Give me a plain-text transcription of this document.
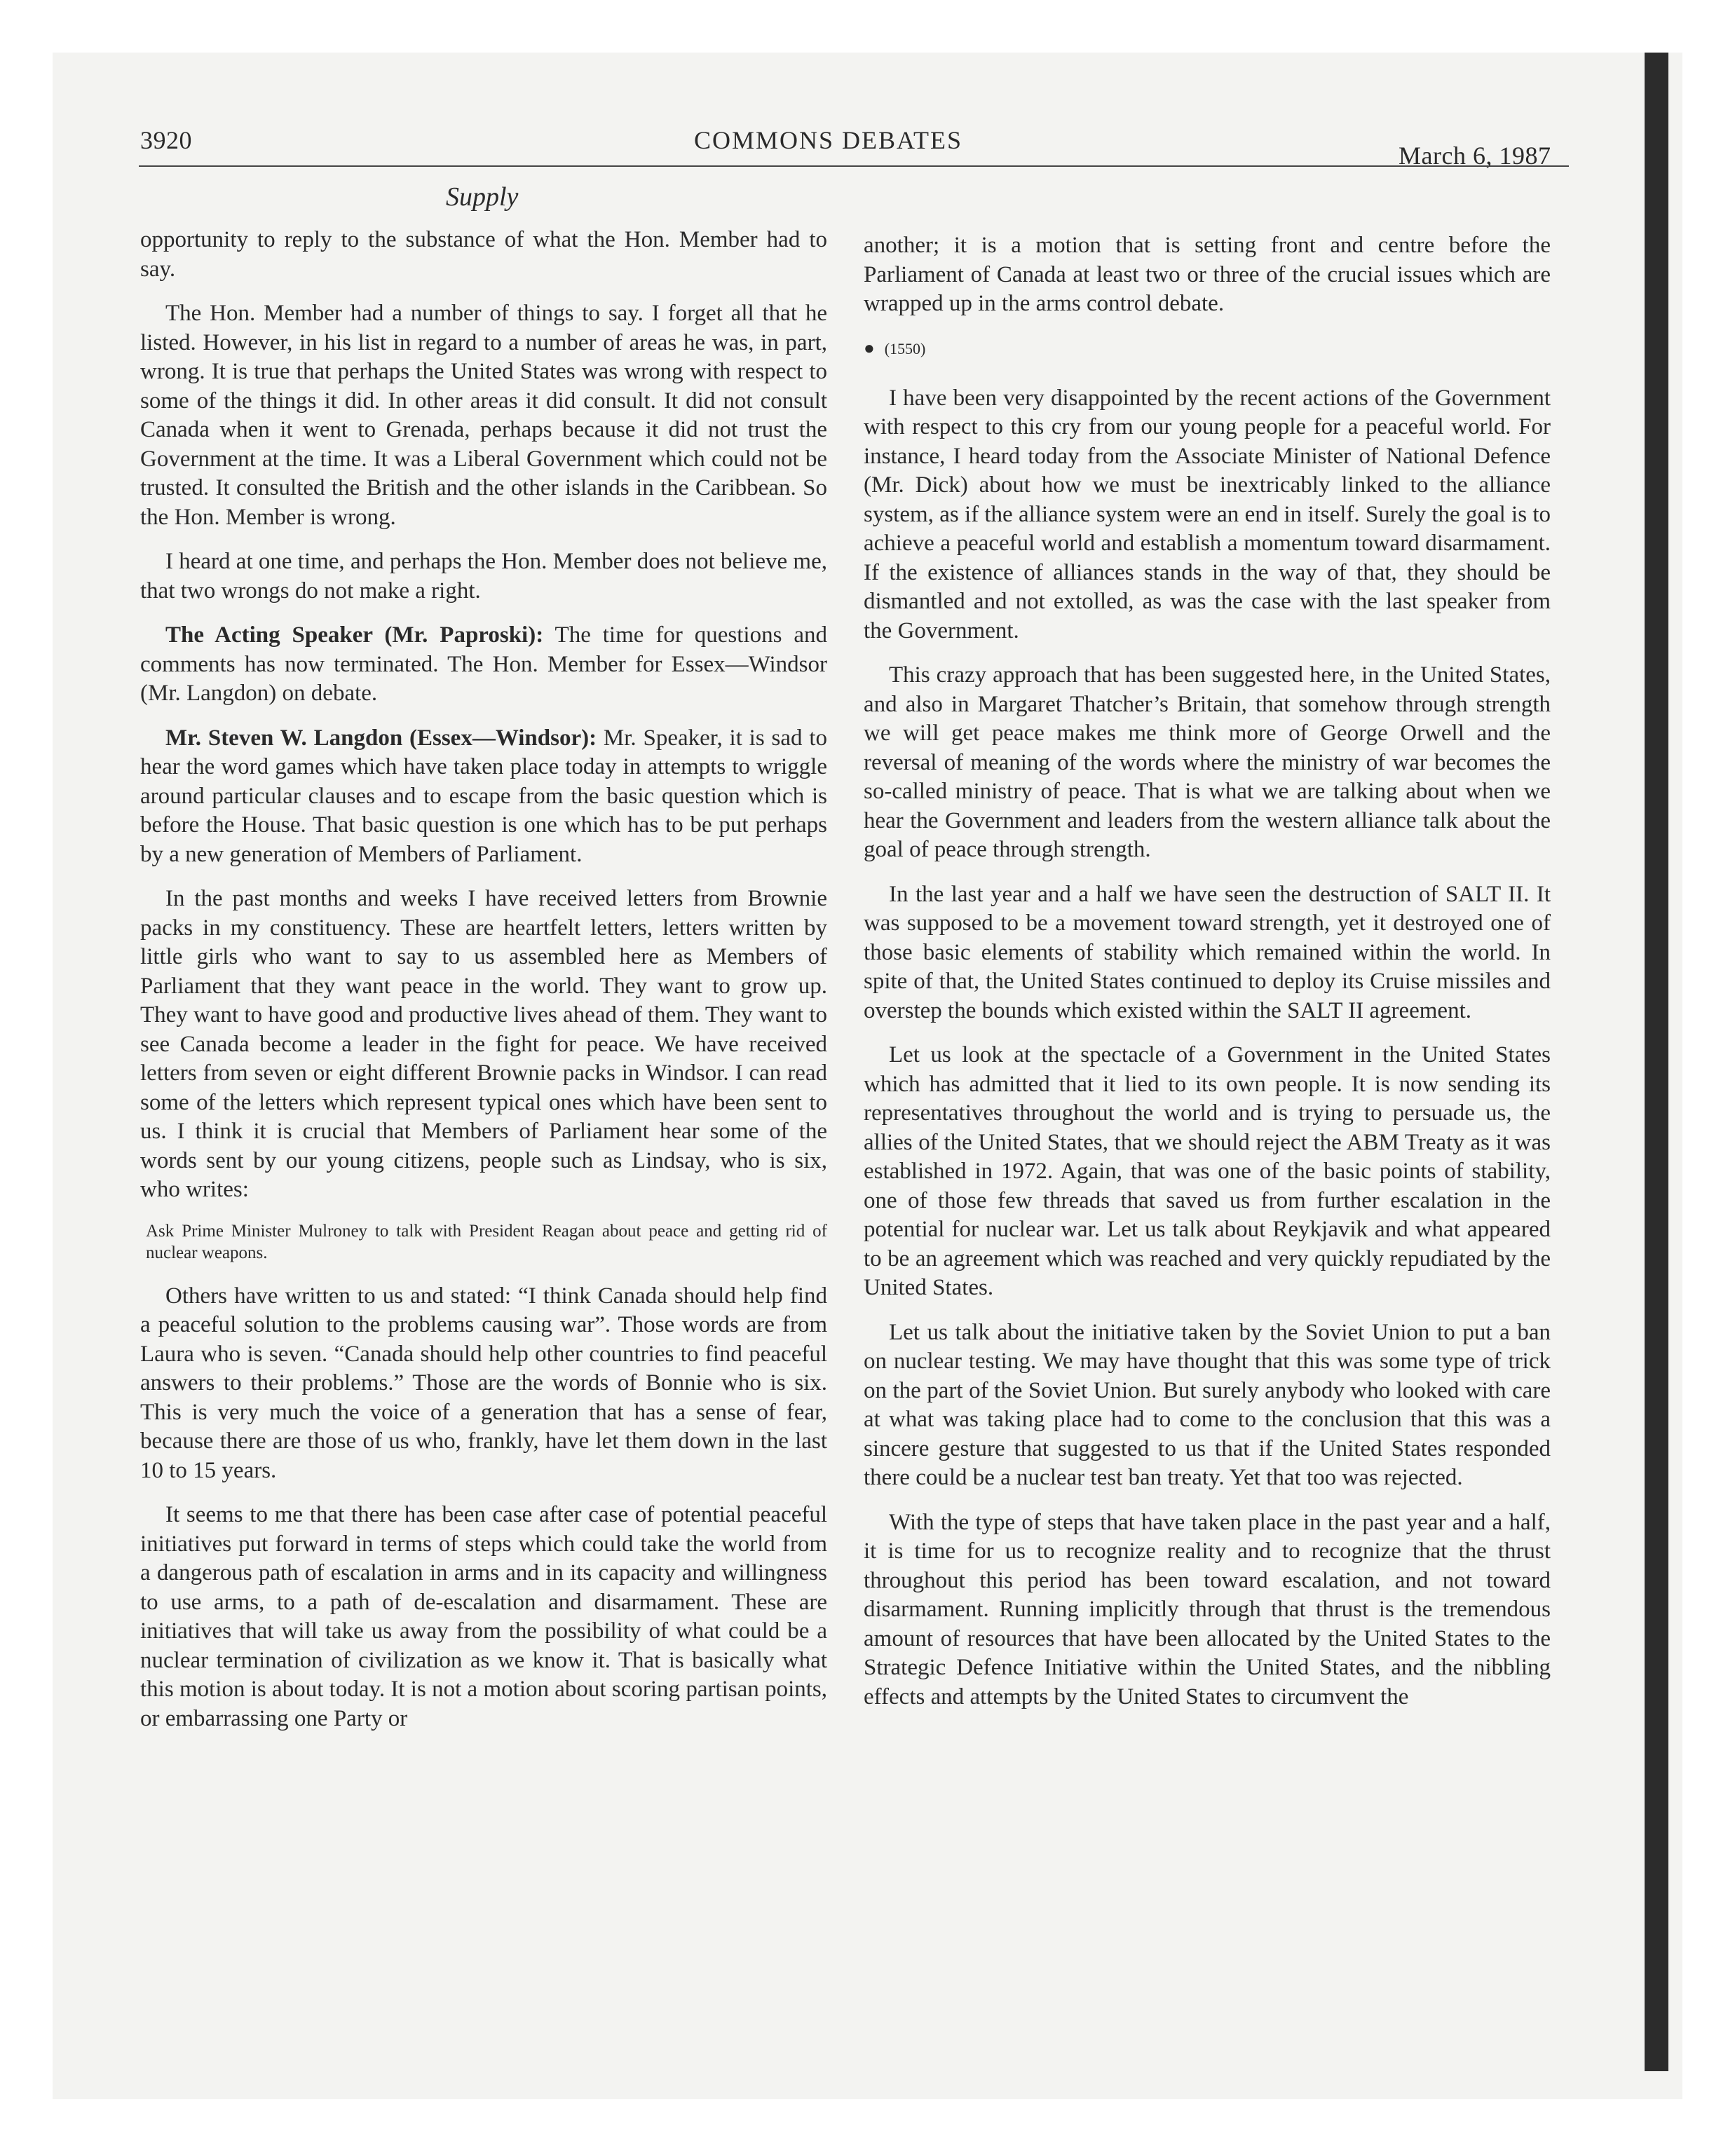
3920	COMMONS DEBATES
March 6, 1987
Supply

opportunity to reply to the substance of what the Hon. Member had to say.

The Hon. Member had a number of things to say. I forget all that he listed. However, in his list in regard to a number of areas he was, in part, wrong. It is true that perhaps the United States was wrong with respect to some of the things it did. In other areas it did consult. It did not consult Canada when it went to Grenada, perhaps because it did not trust the Government at the time. It was a Liberal Government which could not be trusted. It consulted the British and the other islands in the Caribbean. So the Hon. Member is wrong.

I heard at one time, and perhaps the Hon. Member does not believe me, that two wrongs do not make a right.

The Acting Speaker (Mr. Paproski): The time for questions and comments has now terminated. The Hon. Member for Essex—Windsor (Mr. Langdon) on debate.

Mr. Steven W. Langdon (Essex—Windsor): Mr. Speaker, it is sad to hear the word games which have taken place today in attempts to wriggle around particular clauses and to escape from the basic question which is before the House. That basic question is one which has to be put perhaps by a new generation of Members of Parliament.

In the past months and weeks I have received letters from Brownie packs in my constituency. These are heartfelt letters, letters written by little girls who want to say to us assembled here as Members of Parliament that they want peace in the world. They want to grow up. They want to have good and productive lives ahead of them. They want to see Canada become a leader in the fight for peace. We have received letters from seven or eight different Brownie packs in Windsor. I can read some of the letters which represent typical ones which have been sent to us. I think it is crucial that Members of Parliament hear some of the words sent by our young citizens, people such as Lindsay, who is six, who writes:

Ask Prime Minister Mulroney to talk with President Reagan about peace and getting rid of nuclear weapons.

Others have written to us and stated: “I think Canada should help find a peaceful solution to the problems causing war”. Those words are from Laura who is seven. “Canada should help other countries to find peaceful answers to their problems.” Those are the words of Bonnie who is six. This is very much the voice of a generation that has a sense of fear, because there are those of us who, frankly, have let them down in the last 10 to 15 years.

It seems to me that there has been case after case of potential peaceful initiatives put forward in terms of steps which could take the world from a dangerous path of escalation in arms and in its capacity and willingness to use arms, to a path of de-escalation and disarmament. These are initiatives that will take us away from the possibility of what could be a nuclear termination of civilization as we know it. That is basically what this motion is about today. It is not a motion about scoring partisan points, or embarrassing one Party or

another; it is a motion that is setting front and centre before the Parliament of Canada at least two or three of the crucial issues which are wrapped up in the arms control debate.

● (1550)

I have been very disappointed by the recent actions of the Government with respect to this cry from our young people for a peaceful world. For instance, I heard today from the Associate Minister of National Defence (Mr. Dick) about how we must be inextricably linked to the alliance system, as if the alliance system were an end in itself. Surely the goal is to achieve a peaceful world and establish a momentum toward disarmament. If the existence of alliances stands in the way of that, they should be dismantled and not extolled, as was the case with the last speaker from the Government.

This crazy approach that has been suggested here, in the United States, and also in Margaret Thatcher’s Britain, that somehow through strength we will get peace makes me think more of George Orwell and the reversal of meaning of the words where the ministry of war becomes the so-called ministry of peace. That is what we are talking about when we hear the Government and leaders from the western alliance talk about the goal of peace through strength.

In the last year and a half we have seen the destruction of SALT II. It was supposed to be a movement toward strength, yet it destroyed one of those basic elements of stability which remained within the world. In spite of that, the United States continued to deploy its Cruise missiles and overstep the bounds which existed within the SALT II agreement.

Let us look at the spectacle of a Government in the United States which has admitted that it lied to its own people. It is now sending its representatives throughout the world and is trying to persuade us, the allies of the United States, that we should reject the ABM Treaty as it was established in 1972. Again, that was one of the basic points of stability, one of those few threads that saved us from further escalation in the potential for nuclear war. Let us talk about Reykjavik and what appeared to be an agreement which was reached and very quickly repudiated by the United States.

Let us talk about the initiative taken by the Soviet Union to put a ban on nuclear testing. We may have thought that this was some type of trick on the part of the Soviet Union. But surely anybody who looked with care at what was taking place had to come to the conclusion that this was a sincere gesture that suggested to us that if the United States responded there could be a nuclear test ban treaty. Yet that too was rejected.

With the type of steps that have taken place in the past year and a half, it is time for us to recognize reality and to recognize that the thrust throughout this period has been toward escalation, and not toward disarmament. Running implicitly through that thrust is the tremendous amount of resources that have been allocated by the United States to the Strategic Defence Initiative within the United States, and the nibbling effects and attempts by the United States to circumvent the
